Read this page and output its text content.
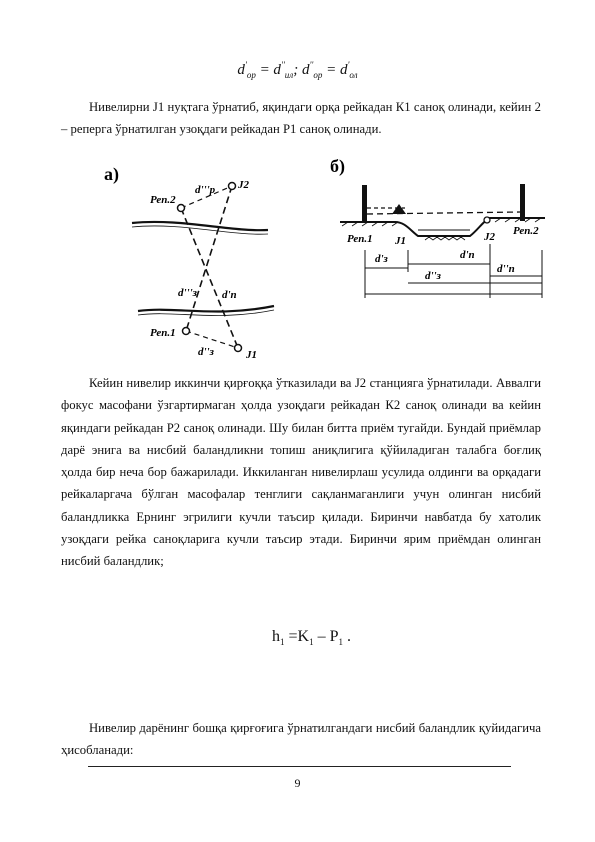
$d'_{ор} = d''_{ил}$; $d''_{ор} = d'_{ол}$
Нивелирни J1 нуқтага ўрнатиб, яқиндаги орқа рейкадан К1 саноқ олинади, кейин 2 – реперга ўрнатилган узоқдаги рейкадан Р1 саноқ олинади.
a)
Реп.2
J2
d'''р
d'''з d'п
Реп.1
d''з	J1
б)
Реп.1 J1	J2 Реп.2
d'з	d'п
d''з
d''п
Кейин нивелир иккинчи қирғоққа ўтказилади ва J2 станцияга ўрнатилади. Аввалги фокус масофани ўзгартирмаган ҳолда узоқдаги рейкадан К2 саноқ олинади ва кейин яқиндаги рейкадан Р2 саноқ олинади. Шу билан битта приём тугайди. Бундай приёмлар дарё энига ва нисбий баландликни топиш аниқлигига қўйиладиган талабга боғлиқ ҳолда бир неча бор бажарилади. Иккиланган нивелирлаш усулида олдинги ва орқадаги рейкаларгача бўлган масофалар тенглиги сақланмаганлиги учун олинган нисбий баландликка Ернинг эгрилиги кучли таъсир қилади. Биринчи навбатда бу хатолик узоқдаги рейка саноқларига кучли таъсир этади. Биринчи ярим приёмдан олинган нисбий баландлик;
$h_1 =K_1 - P_1$ .
Нивелир дарёнинг бошқа қирғоғига ўрнатилгандаги нисбий баландлик қуйидагича ҳисобланади:
9
